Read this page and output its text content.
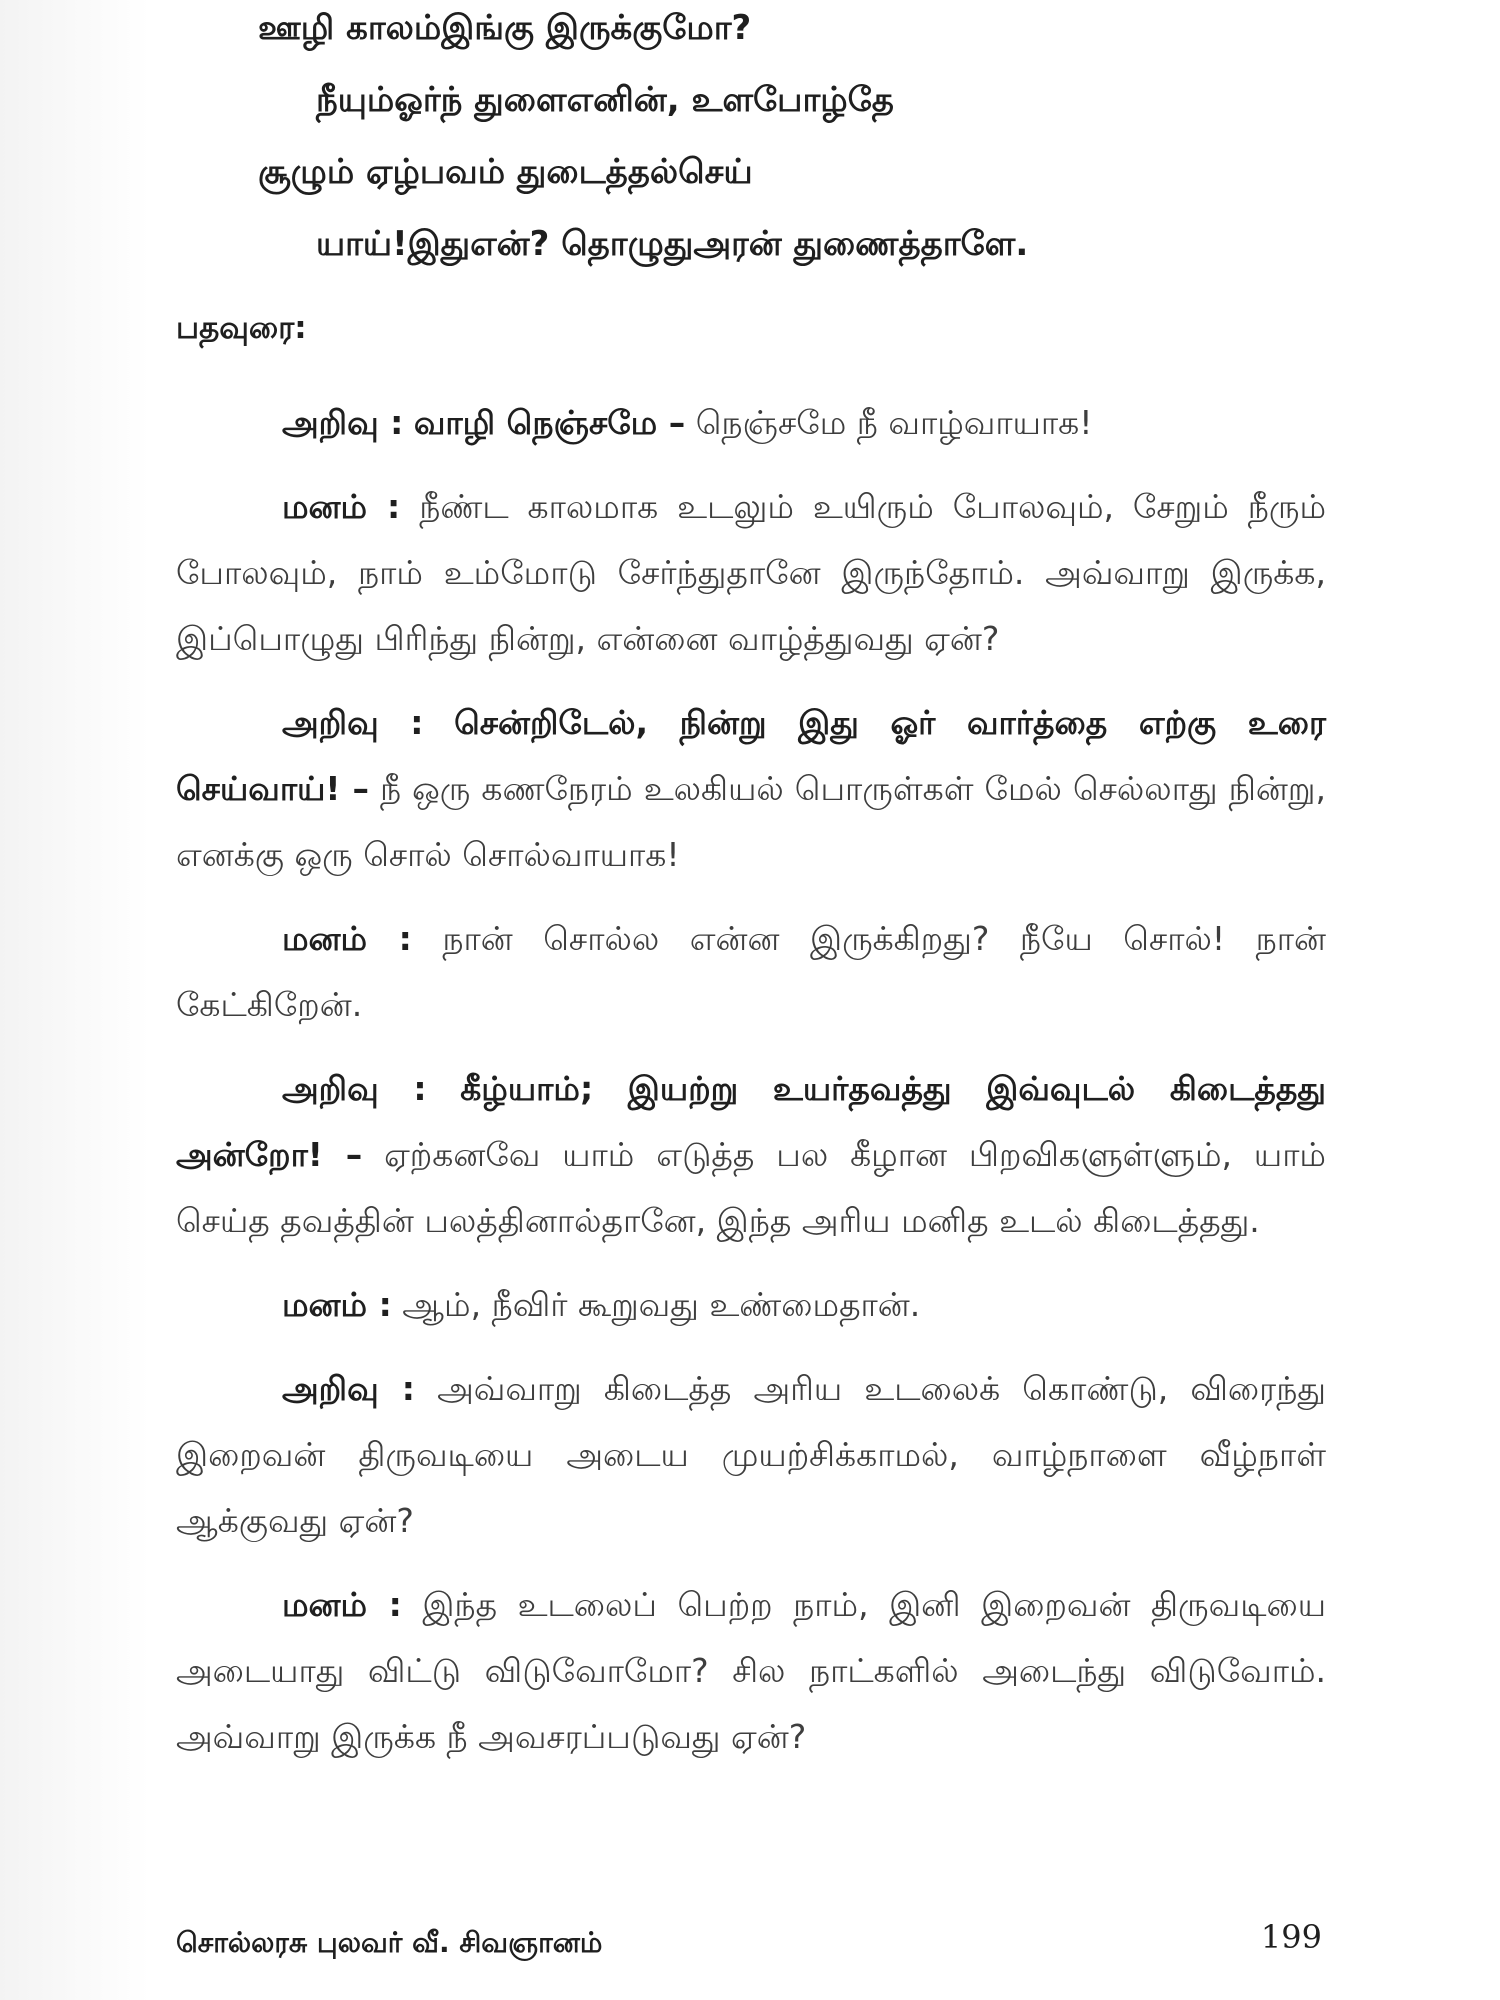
ஊழி காலம்இங்கு இருக்குமோ?
நீயும்ஓர்ந் துளைஎனின், உளபோழ்தே
சூழும் ஏழ்பவம் துடைத்தல்செய்
யாய்!இதுஎன்? தொழுதுஅரன் துணைத்தாளே.
பதவுரை:

அறிவு : வாழி நெஞ்சமே – நெஞ்சமே நீ வாழ்வாயாக!

மனம் : நீண்ட காலமாக உடலும் உயிரும் போலவும், சேறும் நீரும் போலவும், நாம் உம்மோடு சேர்ந்துதானே இருந்தோம். அவ்வாறு இருக்க, இப்பொழுது பிரிந்து நின்று, என்னை வாழ்த்துவது ஏன்?

அறிவு : சென்றிடேல், நின்று இது ஓர் வார்த்தை எற்கு உரை செய்வாய்! – நீ ஒரு கணநேரம் உலகியல் பொருள்கள் மேல் செல்லாது நின்று, எனக்கு ஒரு சொல் சொல்வாயாக!

மனம் : நான் சொல்ல என்ன இருக்கிறது? நீயே சொல்! நான் கேட்கிறேன்.

அறிவு : கீழ்யாம்; இயற்று உயர்தவத்து இவ்வுடல் கிடைத்தது அன்றோ! – ஏற்கனவே யாம் எடுத்த பல கீழான பிறவிகளுள்ளும், யாம் செய்த தவத்தின் பலத்தினால்தானே, இந்த அரிய மனித உடல் கிடைத்தது.

மனம் : ஆம், நீவிர் கூறுவது உண்மைதான்.

அறிவு : அவ்வாறு கிடைத்த அரிய உடலைக் கொண்டு, விரைந்து இறைவன் திருவடியை அடைய முயற்சிக்காமல், வாழ்நாளை வீழ்நாள் ஆக்குவது ஏன்?

மனம் : இந்த உடலைப் பெற்ற நாம், இனி இறைவன் திருவடியை அடையாது விட்டு விடுவோமோ? சில நாட்களில் அடைந்து விடுவோம். அவ்வாறு இருக்க நீ அவசரப்படுவது ஏன்?

சொல்லரசு புலவர் வீ. சிவஞானம்	199
